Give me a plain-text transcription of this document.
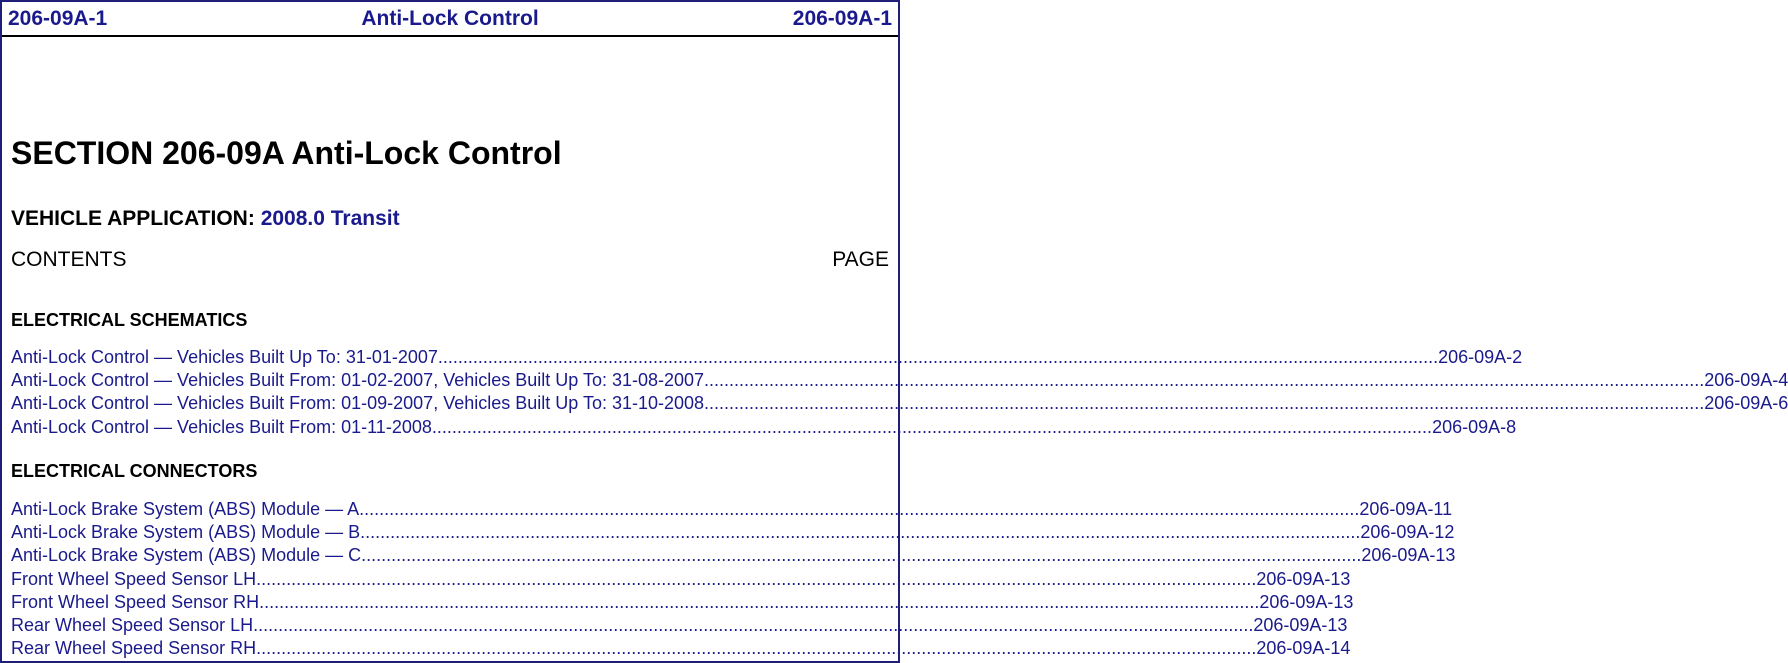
206-09A-1	Anti-Lock Control	206-09A-1
SECTION 206-09A Anti-Lock Control
VEHICLE APPLICATION: 2008.0 Transit
CONTENTS	PAGE
ELECTRICAL SCHEMATICS
Anti-Lock Control — Vehicles Built Up To: 31-01-2007........................................................................................................................................................................................................ 206-09A-2
Anti-Lock Control — Vehicles Built From: 01-02-2007, Vehicles Built Up To: 31-08-2007........................................................................................................................................................................................................ 206-09A-4
Anti-Lock Control — Vehicles Built From: 01-09-2007, Vehicles Built Up To: 31-10-2008........................................................................................................................................................................................................ 206-09A-6
Anti-Lock Control — Vehicles Built From: 01-11-2008........................................................................................................................................................................................................ 206-09A-8
ELECTRICAL CONNECTORS
Anti-Lock Brake System (ABS) Module — A........................................................................................................................................................................................................ 206-09A-11
Anti-Lock Brake System (ABS) Module — B........................................................................................................................................................................................................ 206-09A-12
Anti-Lock Brake System (ABS) Module — C........................................................................................................................................................................................................ 206-09A-13
Front Wheel Speed Sensor LH........................................................................................................................................................................................................ 206-09A-13
Front Wheel Speed Sensor RH........................................................................................................................................................................................................ 206-09A-13
Rear Wheel Speed Sensor LH........................................................................................................................................................................................................ 206-09A-13
Rear Wheel Speed Sensor RH........................................................................................................................................................................................................ 206-09A-14
